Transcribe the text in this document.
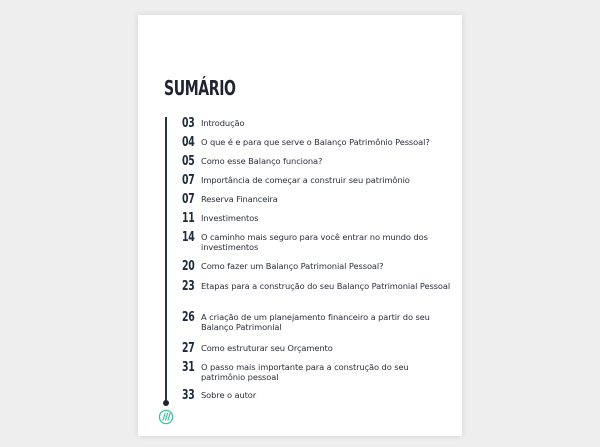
SUMÁRIO
03 Introdução
04 O que é e para que serve o Balanço Patrimônio Pessoal?
05 Como esse Balanço funciona?
07 Importância de começar a construir seu patrimônio
07 Reserva Financeira
11 Investimentos
14 O caminho mais seguro para você entrar no mundo dos investimentos
20 Como fazer um Balanço Patrimonial Pessoal?
23 Etapas para a construção do seu Balanço Patrimonial Pessoal
26 A criação de um planejamento financeiro a partir do seu Balanço Patrimonial
27 Como estruturar seu Orçamento
31 O passo mais importante para a construção do seu patrimônio pessoal
33 Sobre o autor
